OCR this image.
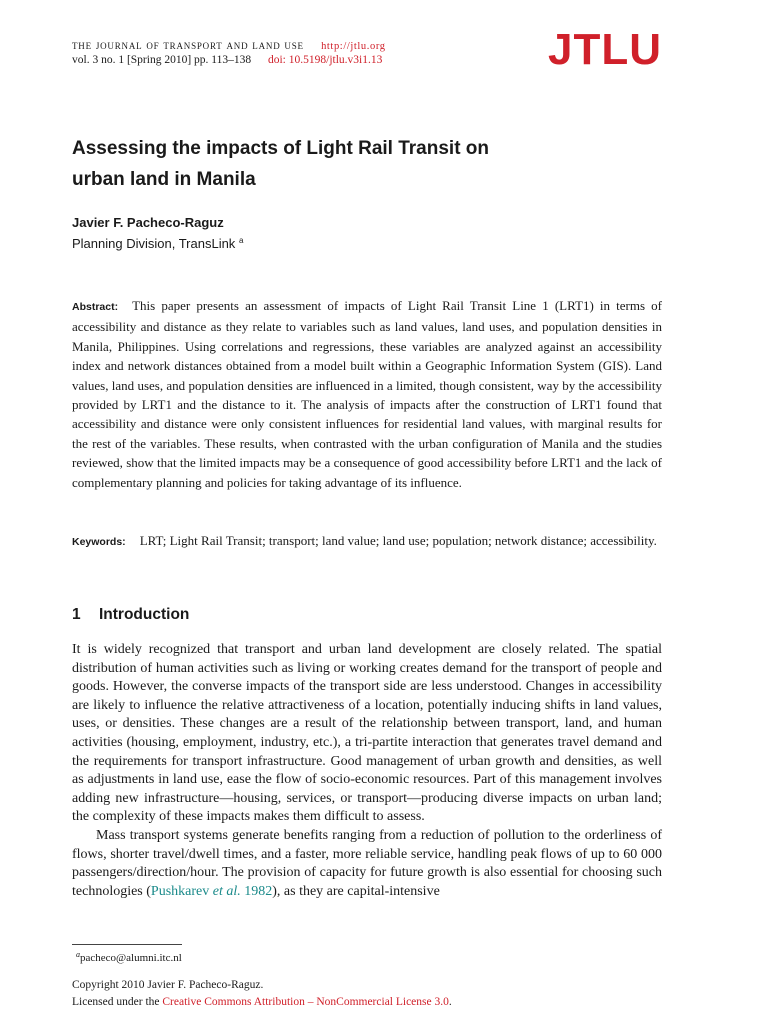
the journal of transport and land use http://jtlu.org
vol. 3 no. 1 [Spring 2010] pp. 113–138 doi: 10.5198/jtlu.v3i1.13	JTLU
Assessing the impacts of Light Rail Transit on
urban land in Manila
Javier F. Pacheco-Raguz
Planning Division, TransLink $^a$
Abstract: This paper presents an assessment of impacts of Light Rail Transit Line 1 (LRT1) in terms of accessibility and distance as they relate to variables such as land values, land uses, and population densities in Manila, Philippines. Using correlations and regressions, these variables are analyzed against an accessibility index and network distances obtained from a model built within a Geographic Information System (GIS). Land values, land uses, and population densities are influenced in a limited, though consistent, way by the accessibility provided by LRT1 and the distance to it. The analysis of impacts after the construction of LRT1 found that accessibility and distance were only consistent influences for residential land values, with marginal results for the rest of the variables. These results, when contrasted with the urban configuration of Manila and the studies reviewed, show that the limited impacts may be a consequence of good accessibility before LRT1 and the lack of complementary planning and policies for taking advantage of its influence.
Keywords: LRT; Light Rail Transit; transport; land value; land use; population; network distance; accessibility.
1 Introduction

It is widely recognized that transport and urban land development are closely related. The spatial distribution of human activities such as living or working creates demand for the transport of people and goods. However, the converse impacts of the transport side are less understood. Changes in accessibility are likely to influence the relative attractiveness of a location, potentially inducing shifts in land values, uses, or densities. These changes are a result of the relationship between transport, land, and human activities (housing, employment, industry, etc.), a tri-partite interaction that generates travel demand and the requirements for transport infrastructure. Good management of urban growth and densities, as well as adjustments in land use, ease the flow of socio-economic resources. Part of this management involves adding new infrastructure—housing, services, or transport—producing diverse impacts on urban land; the complexity of these impacts makes them difficult to assess.

Mass transport systems generate benefits ranging from a reduction of pollution to the orderliness of flows, shorter travel/dwell times, and a faster, more reliable service, handling peak flows of up to 60 000 passengers/direction/hour. The provision of capacity for future growth is also essential for choosing such technologies (Pushkarev et al. 1982), as they are capital-intensive

$^a$pacheco@alumni.itc.nl
Copyright 2010 Javier F. Pacheco-Raguz.
Licensed under the Creative Commons Attribution – NonCommercial License 3.0.
